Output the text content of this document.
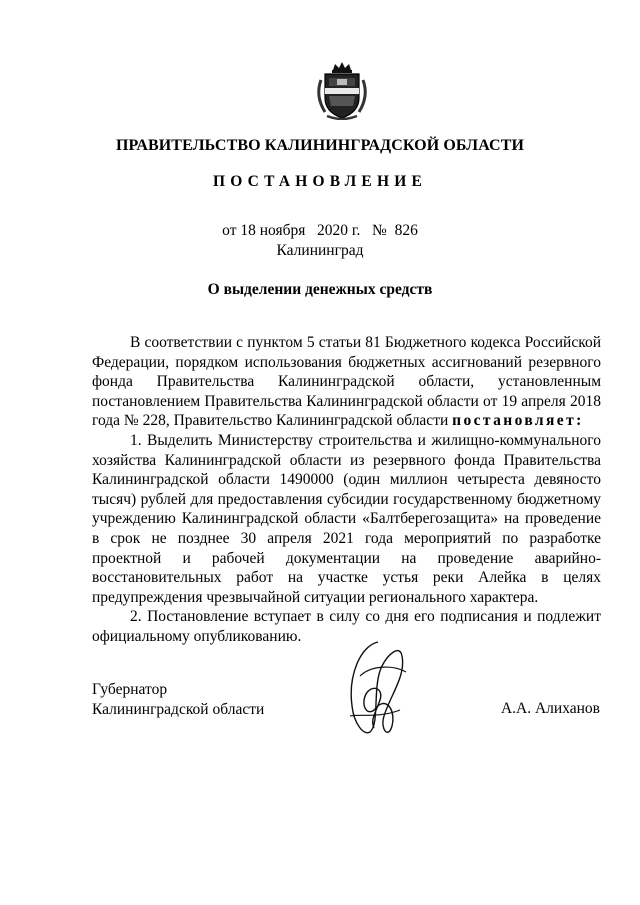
ПРАВИТЕЛЬСТВО КАЛИНИНГРАДСКОЙ ОБЛАСТИ
ПОСТАНОВЛЕНИЕ
от 18 ноября 2020 г. № 826
Калининград
О выделении денежных средств

В соответствии с пунктом 5 статьи 81 Бюджетного кодекса Российской Федерации, порядком использования бюджетных ассигнований резервного фонда Правительства Калининградской области, установленным постановлением Правительства Калининградской области от 19 апреля 2018 года № 228, Правительство Калининградской области постановляет:

1. Выделить Министерству строительства и жилищно-коммунального хозяйства Калининградской области из резервного фонда Правительства Калининградской области 1490000 (один миллион четыреста девяносто тысяч) рублей для предоставления субсидии государственному бюджетному учреждению Калининградской области «Балтберегозащита» на проведение в срок не позднее 30 апреля 2021 года мероприятий по разработке проектной и рабочей документации на проведение аварийно-восстановительных работ на участке устья реки Алейка в целях предупреждения чрезвычайной ситуации регионального характера.

2. Постановление вступает в силу со дня его подписания и подлежит официальному опубликованию.

Губернатор
Калининградской области	А.А. Алиханов
